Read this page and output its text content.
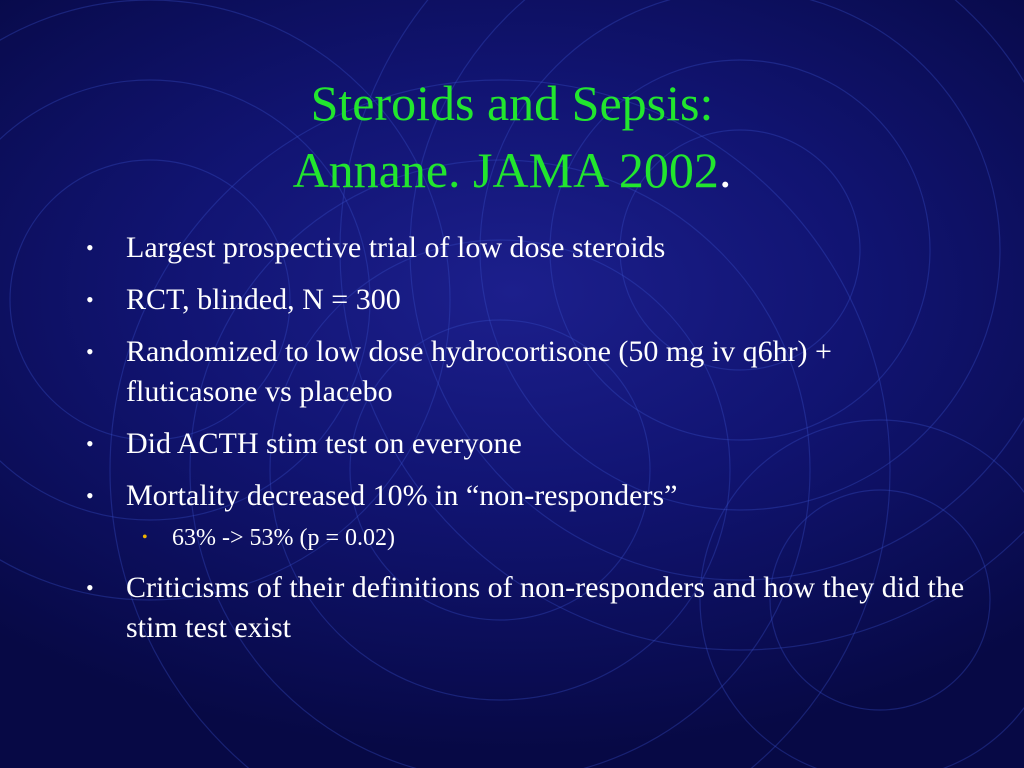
Steroids and Sepsis:
Annane. JAMA 2002.
• Largest prospective trial of low dose steroids
• RCT, blinded, N = 300
• Randomized to low dose hydrocortisone (50 mg iv q6hr) + fluticasone vs placebo
• Did ACTH stim test on everyone
• Mortality decreased 10% in “non-responders”
• 63% -> 53% (p = 0.02)
• Criticisms of their definitions of non-responders and how they did the stim test exist
